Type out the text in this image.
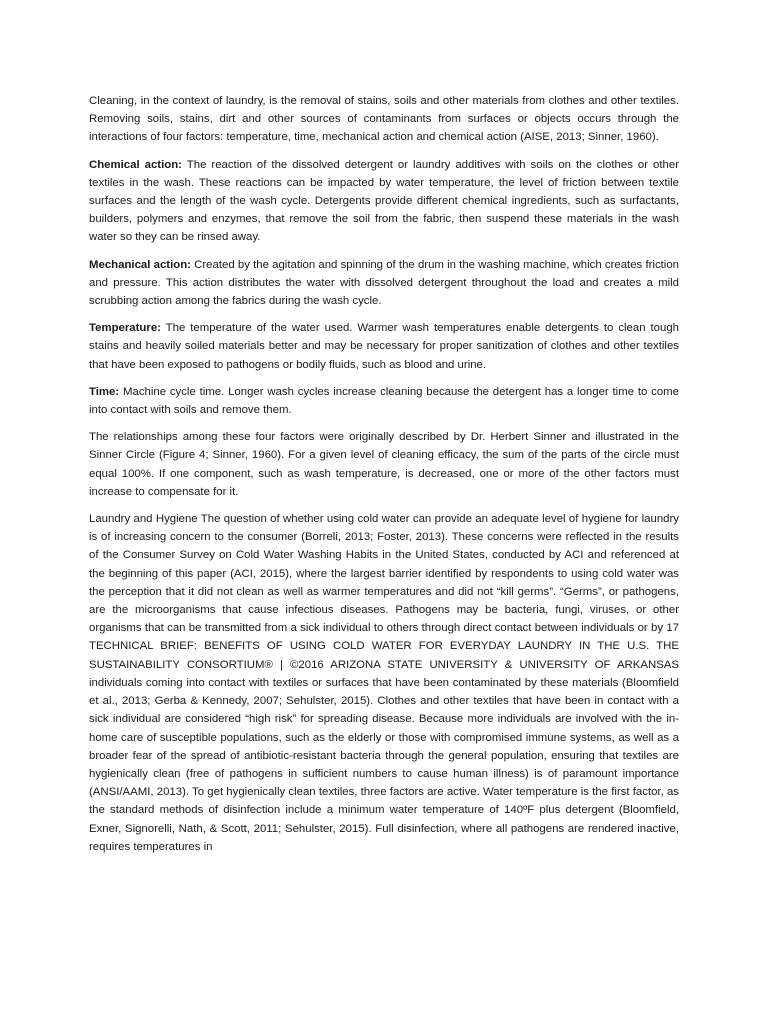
Cleaning, in the context of laundry, is the removal of stains, soils and other materials from clothes and other textiles. Removing soils, stains, dirt and other sources of contaminants from surfaces or objects occurs through the interactions of four factors: temperature, time, mechanical action and chemical action (AISE, 2013; Sinner, 1960).

Chemical action: The reaction of the dissolved detergent or laundry additives with soils on the clothes or other textiles in the wash. These reactions can be impacted by water temperature, the level of friction between textile surfaces and the length of the wash cycle. Detergents provide different chemical ingredients, such as surfactants, builders, polymers and enzymes, that remove the soil from the fabric, then suspend these materials in the wash water so they can be rinsed away.

Mechanical action: Created by the agitation and spinning of the drum in the washing machine, which creates friction and pressure. This action distributes the water with dissolved detergent throughout the load and creates a mild scrubbing action among the fabrics during the wash cycle.

Temperature: The temperature of the water used. Warmer wash temperatures enable detergents to clean tough stains and heavily soiled materials better and may be necessary for proper sanitization of clothes and other textiles that have been exposed to pathogens or bodily fluids, such as blood and urine.

Time: Machine cycle time. Longer wash cycles increase cleaning because the detergent has a longer time to come into contact with soils and remove them.

The relationships among these four factors were originally described by Dr. Herbert Sinner and illustrated in the Sinner Circle (Figure 4; Sinner, 1960). For a given level of cleaning efficacy, the sum of the parts of the circle must equal 100%. If one component, such as wash temperature, is decreased, one or more of the other factors must increase to compensate for it.

Laundry and Hygiene The question of whether using cold water can provide an adequate level of hygiene for laundry is of increasing concern to the consumer (Borreli, 2013; Foster, 2013). These concerns were reflected in the results of the Consumer Survey on Cold Water Washing Habits in the United States, conducted by ACI and referenced at the beginning of this paper (ACI, 2015), where the largest barrier identified by respondents to using cold water was the perception that it did not clean as well as warmer temperatures and did not “kill germs”. “Germs”, or pathogens, are the microorganisms that cause infectious diseases. Pathogens may be bacteria, fungi, viruses, or other organisms that can be transmitted from a sick individual to others through direct contact between individuals or by 17 TECHNICAL BRIEF: BENEFITS OF USING COLD WATER FOR EVERYDAY LAUNDRY IN THE U.S. THE SUSTAINABILITY CONSORTIUM® | ©2016 ARIZONA STATE UNIVERSITY & UNIVERSITY OF ARKANSAS individuals coming into contact with textiles or surfaces that have been contaminated by these materials (Bloomfield et al., 2013; Gerba & Kennedy, 2007; Sehulster, 2015). Clothes and other textiles that have been in contact with a sick individual are considered “high risk” for spreading disease. Because more individuals are involved with the in-home care of susceptible populations, such as the elderly or those with compromised immune systems, as well as a broader fear of the spread of antibiotic-resistant bacteria through the general population, ensuring that textiles are hygienically clean (free of pathogens in sufficient numbers to cause human illness) is of paramount importance (ANSI/AAMI, 2013). To get hygienically clean textiles, three factors are active. Water temperature is the first factor, as the standard methods of disinfection include a minimum water temperature of 140ºF plus detergent (Bloomfield, Exner, Signorelli, Nath, & Scott, 2011; Sehulster, 2015). Full disinfection, where all pathogens are rendered inactive, requires temperatures in
